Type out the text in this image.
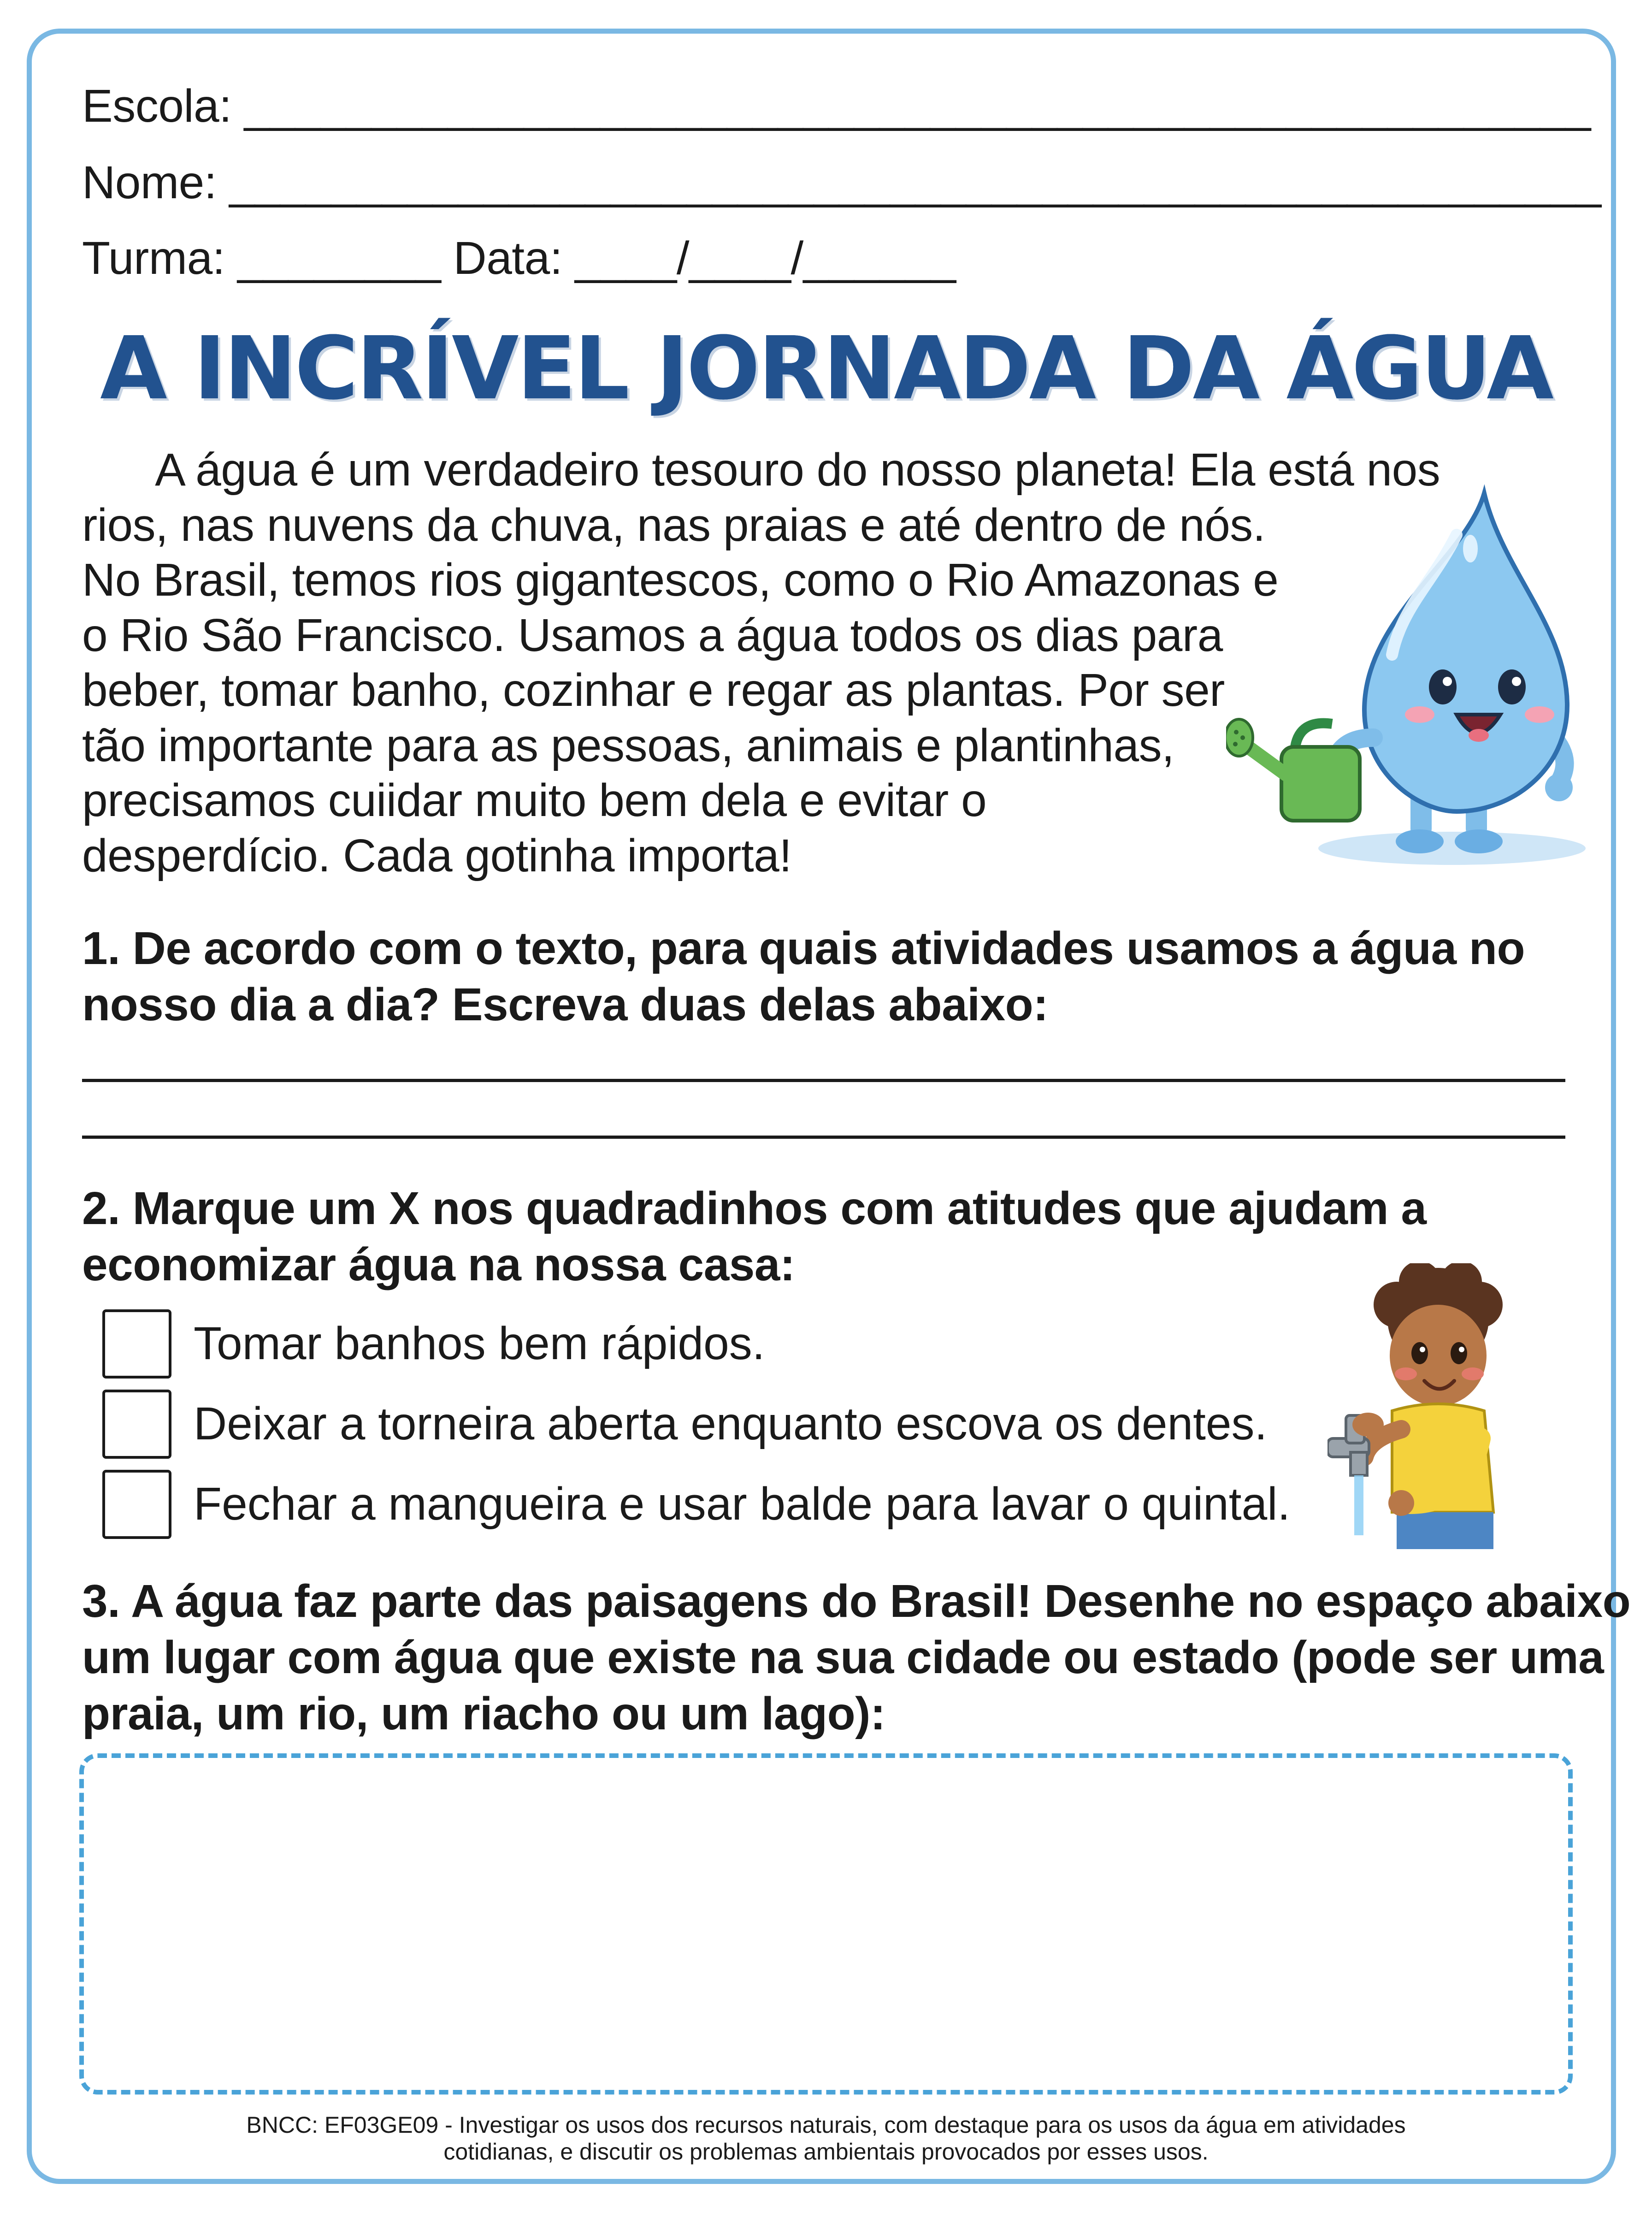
Escola: _____________________________________________________
Nome: ______________________________________________________
Turma: ________ Data: ____/____/______
A INCRÍVEL JORNADA DA ÁGUA
A água é um verdadeiro tesouro do nosso planeta! Ela está nos
rios, nas nuvens da chuva, nas praias e até dentro de nós.
No Brasil, temos rios gigantescos, como o Rio Amazonas e
o Rio São Francisco. Usamos a água todos os dias para
beber, tomar banho, cozinhar e regar as plantas. Por ser
tão importante para as pessoas, animais e plantinhas,
precisamos cuiidar muito bem dela e evitar o
desperdício. Cada gotinha importa!
1. De acordo com o texto, para quais atividades usamos a água no
nosso dia a dia? Escreva duas delas abaixo:
2. Marque um X nos quadradinhos com atitudes que ajudam a
economizar água na nossa casa:
Tomar banhos bem rápidos.
Deixar a torneira aberta enquanto escova os dentes.
Fechar a mangueira e usar balde para lavar o quintal.
3. A água faz parte das paisagens do Brasil! Desenhe no espaço abaixo
um lugar com água que existe na sua cidade ou estado (pode ser uma
praia, um rio, um riacho ou um lago):
BNCC: EF03GE09 - Investigar os usos dos recursos naturais, com destaque para os usos da água em atividades
cotidianas, e discutir os problemas ambientais provocados por esses usos.
